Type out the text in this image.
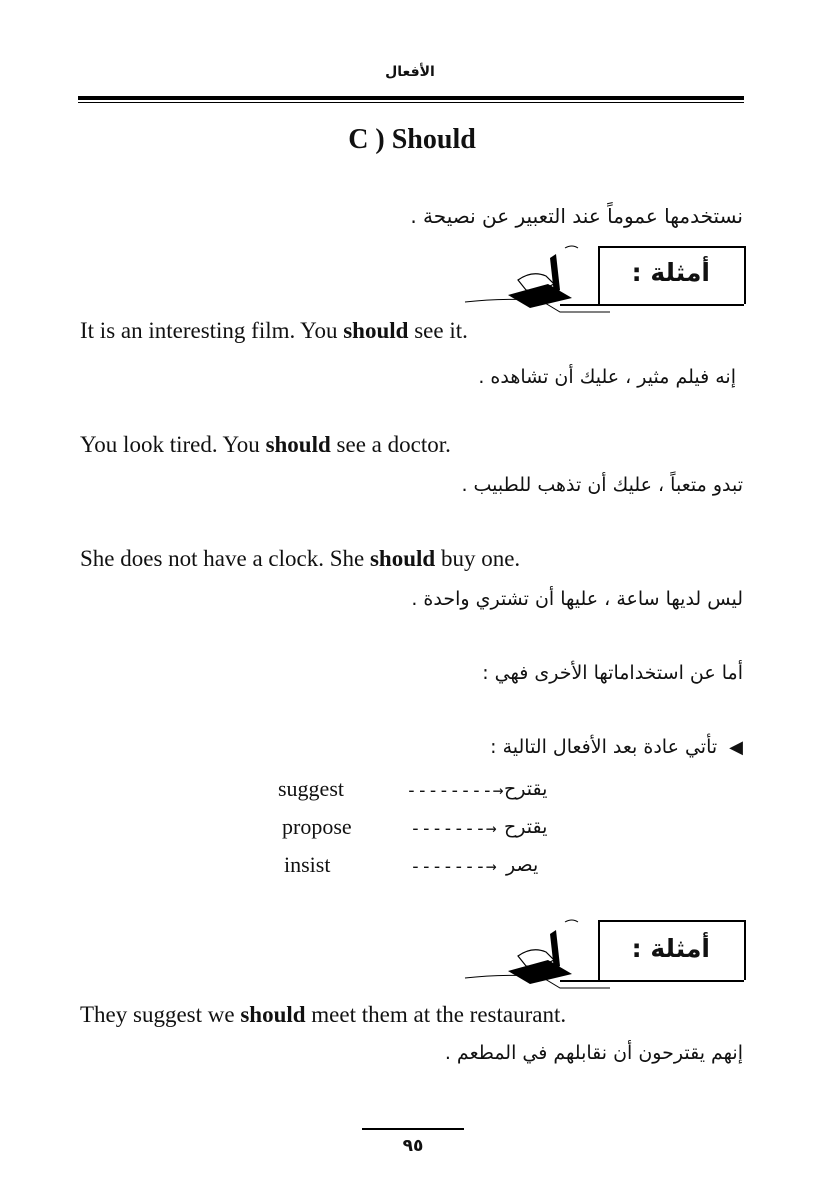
الأفعال
C ) Should
نستخدمها عموماً عند التعبير عن نصيحة .
أمثلة :
It is an interesting film. You should see it.
إنه فيلم مثير ، عليك أن تشاهده .
You look tired. You should see a doctor.
تبدو متعباً ، عليك أن تذهب للطبيب .
She does not have a clock. She should buy one.
ليس لديها ساعة ، عليها أن تشتري واحدة .
أما عن استخداماتها الأخرى فهي :
◀تأتي عادة بعد الأفعال التالية :
suggest	--------→ يقترح
propose	-------→ يقترح
insist	-------→ يصر
أمثلة :
They suggest we should meet them at the restaurant.
إنهم يقترحون أن نقابلهم في المطعم .
٩٥
